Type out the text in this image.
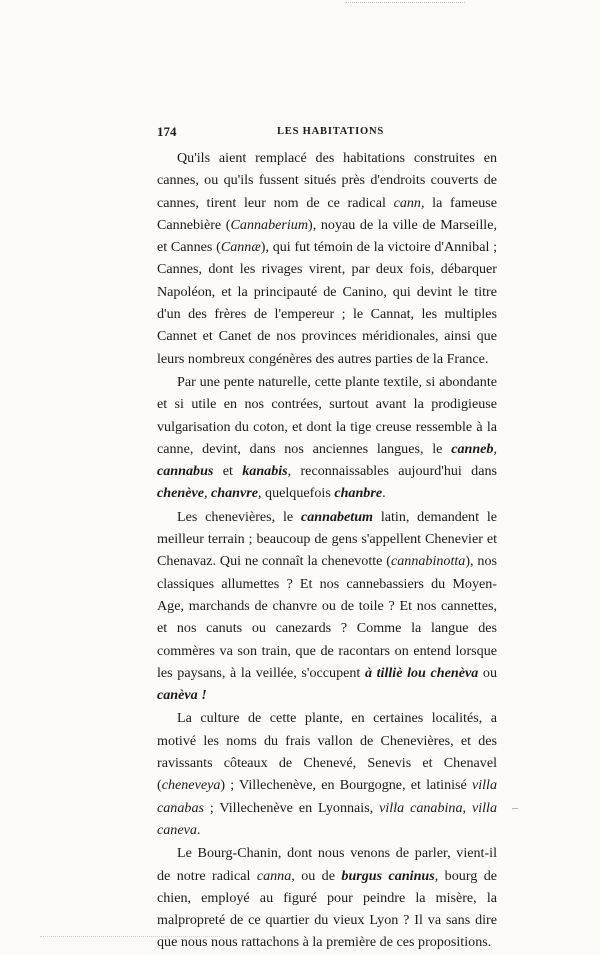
174	LES HABITATIONS

Qu'ils aient remplacé des habitations construites en cannes, ou qu'ils fussent situés près d'endroits couverts de cannes, tirent leur nom de ce radical cann, la fameuse Cannebière (Cannaberium), noyau de la ville de Marseille, et Cannes (Cannæ), qui fut témoin de la victoire d'Annibal ; Cannes, dont les rivages virent, par deux fois, débarquer Napoléon, et la principauté de Canino, qui devint le titre d'un des frères de l'empereur ; le Cannat, les multiples Cannet et Canet de nos provinces méridionales, ainsi que leurs nombreux congénères des autres parties de la France.

Par une pente naturelle, cette plante textile, si abondante et si utile en nos contrées, surtout avant la prodigieuse vulgarisation du coton, et dont la tige creuse ressemble à la canne, devint, dans nos anciennes langues, le canneb, cannabus et kanabis, reconnaissables aujourd'hui dans chenève, chanvre, quelquefois chanbre.

Les chenevières, le cannabetum latin, demandent le meilleur terrain ; beaucoup de gens s'appellent Chenevier et Chenavaz. Qui ne connaît la chenevotte (cannabinotta), nos classiques allumettes ? Et nos cannebassiers du Moyen-Age, marchands de chanvre ou de toile ? Et nos cannettes, et nos canuts ou canezards ? Comme la langue des commères va son train, que de racontars on entend lorsque les paysans, à la veillée, s'occupent à tilliè lou chenèva ou canèva !

La culture de cette plante, en certaines localités, a motivé les noms du frais vallon de Chenevières, et des ravissants côteaux de Chenevé, Senevis et Chenavel (cheneveya) ; Villechenève, en Bourgogne, et latinisé villa canabas ; Villechenève en Lyonnais, villa canabina, villa caneva.

Le Bourg-Chanin, dont nous venons de parler, vient-il de notre radical canna, ou de burgus caninus, bourg de chien, employé au figuré pour peindre la misère, la malpropreté de ce quartier du vieux Lyon ? Il va sans dire que nous nous rattachons à la première de ces propositions.
